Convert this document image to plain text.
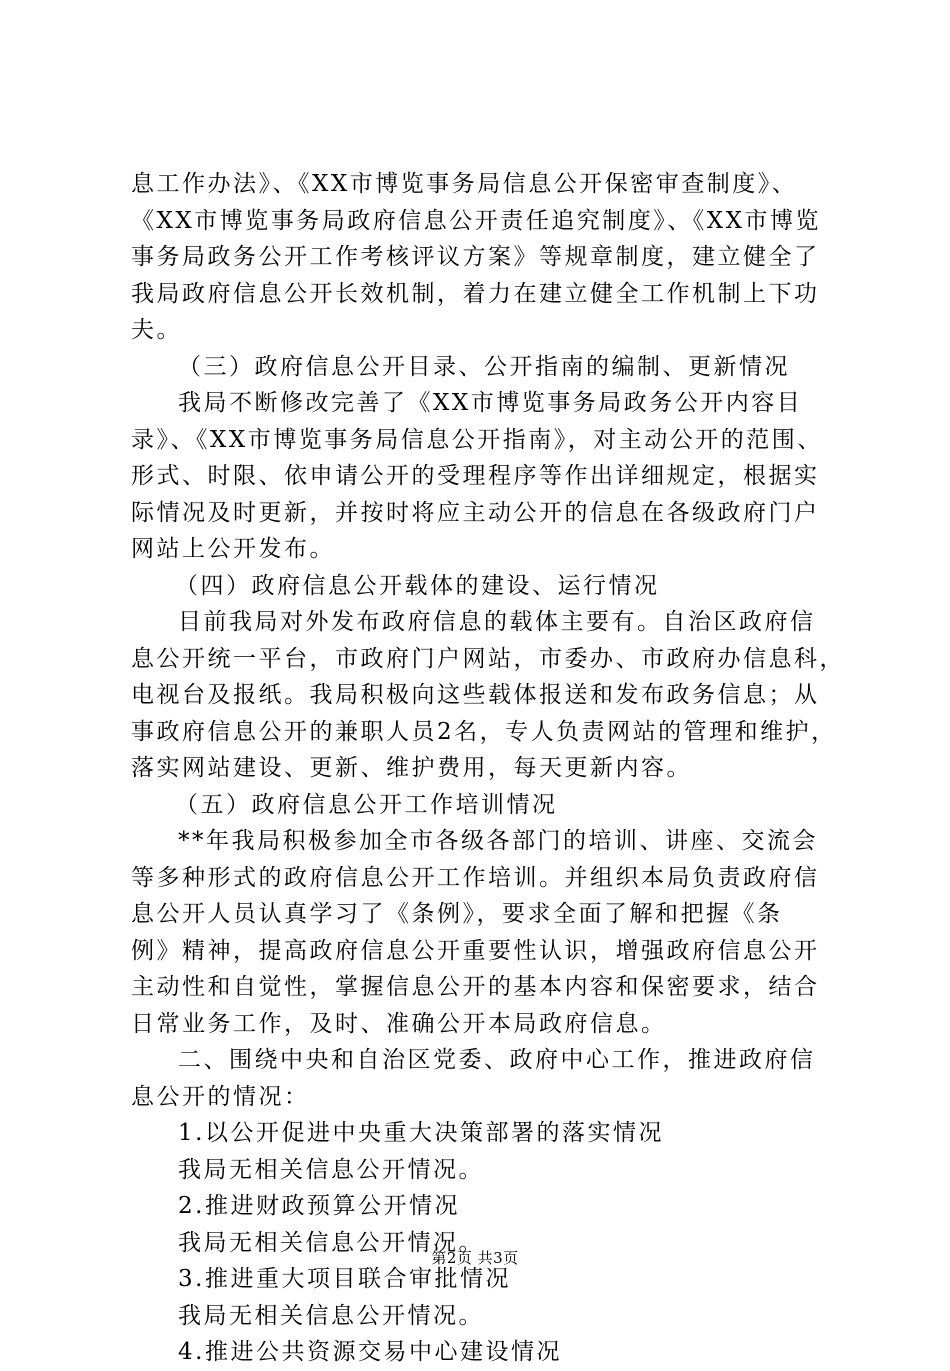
息工作办法》、《XX市博览事务局信息公开保密审查制度》、
《XX市博览事务局政府信息公开责任追究制度》、《XX市博览
事务局政务公开工作考核评议方案》等规章制度，建立健全了
我局政府信息公开长效机制，着力在建立健全工作机制上下功
夫。
（三）政府信息公开目录、公开指南的编制、更新情况
我局不断修改完善了《XX市博览事务局政务公开内容目
录》、《XX市博览事务局信息公开指南》，对主动公开的范围、
形式、时限、依申请公开的受理程序等作出详细规定，根据实
际情况及时更新，并按时将应主动公开的信息在各级政府门户
网站上公开发布。
（四）政府信息公开载体的建设、运行情况
目前我局对外发布政府信息的载体主要有。自治区政府信
息公开统一平台，市政府门户网站，市委办、市政府办信息科，
电视台及报纸。我局积极向这些载体报送和发布政务信息；从
事政府信息公开的兼职人员2名，专人负责网站的管理和维护，
落实网站建设、更新、维护费用，每天更新内容。
（五）政府信息公开工作培训情况
**年我局积极参加全市各级各部门的培训、讲座、交流会
等多种形式的政府信息公开工作培训。并组织本局负责政府信
息公开人员认真学习了《条例》，要求全面了解和把握《条
例》精神，提高政府信息公开重要性认识，增强政府信息公开
主动性和自觉性，掌握信息公开的基本内容和保密要求，结合
日常业务工作，及时、准确公开本局政府信息。
二、围绕中央和自治区党委、政府中心工作，推进政府信
息公开的情况：
1.以公开促进中央重大决策部署的落实情况
我局无相关信息公开情况。
2.推进财政预算公开情况
我局无相关信息公开情况。
3.推进重大项目联合审批情况
我局无相关信息公开情况。
4.推进公共资源交易中心建设情况
第2页 共3页
